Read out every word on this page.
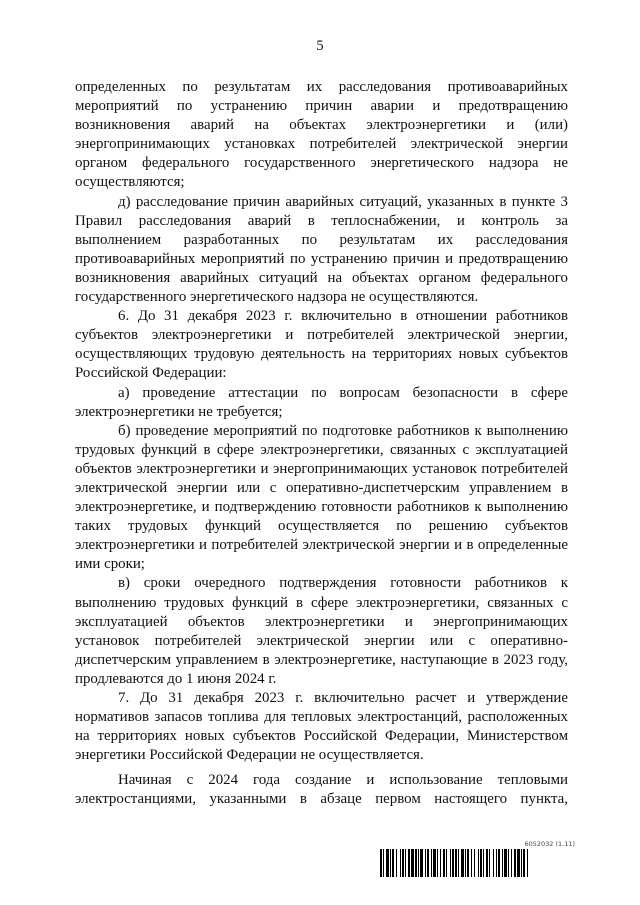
5

определенных по результатам их расследования противоаварийных мероприятий по устранению причин аварии и предотвращению возникновения аварий на объектах электроэнергетики и (или) энергопринимающих установках потребителей электрической энергии органом федерального государственного энергетического надзора не осуществляются;

д) расследование причин аварийных ситуаций, указанных в пункте 3 Правил расследования аварий в теплоснабжении, и контроль за выполнением разработанных по результатам их расследования противоаварийных мероприятий по устранению причин и предотвращению возникновения аварийных ситуаций на объектах органом федерального государственного энергетического надзора не осуществляются.

6. До 31 декабря 2023 г. включительно в отношении работников субъектов электроэнергетики и потребителей электрической энергии, осуществляющих трудовую деятельность на территориях новых субъектов Российской Федерации:

а) проведение аттестации по вопросам безопасности в сфере электроэнергетики не требуется;

б) проведение мероприятий по подготовке работников к выполнению трудовых функций в сфере электроэнергетики, связанных с эксплуатацией объектов электроэнергетики и энергопринимающих установок потребителей электрической энергии или с оперативно-диспетчерским управлением в электроэнергетике, и подтверждению готовности работников к выполнению таких трудовых функций осуществляется по решению субъектов электроэнергетики и потребителей электрической энергии и в определенные ими сроки;

в) сроки очередного подтверждения готовности работников к выполнению трудовых функций в сфере электроэнергетики, связанных с эксплуатацией объектов электроэнергетики и энергопринимающих установок потребителей электрической энергии или с оперативно-диспетчерским управлением в электроэнергетике, наступающие в 2023 году, продлеваются до 1 июня 2024 г.

7. До 31 декабря 2023 г. включительно расчет и утверждение нормативов запасов топлива для тепловых электростанций, расположенных на территориях новых субъектов Российской Федерации, Министерством энергетики Российской Федерации не осуществляется.

Начиная с 2024 года создание и использование тепловыми электростанциями, указанными в абзаце первом настоящего пункта,

6052032 (1.11)
